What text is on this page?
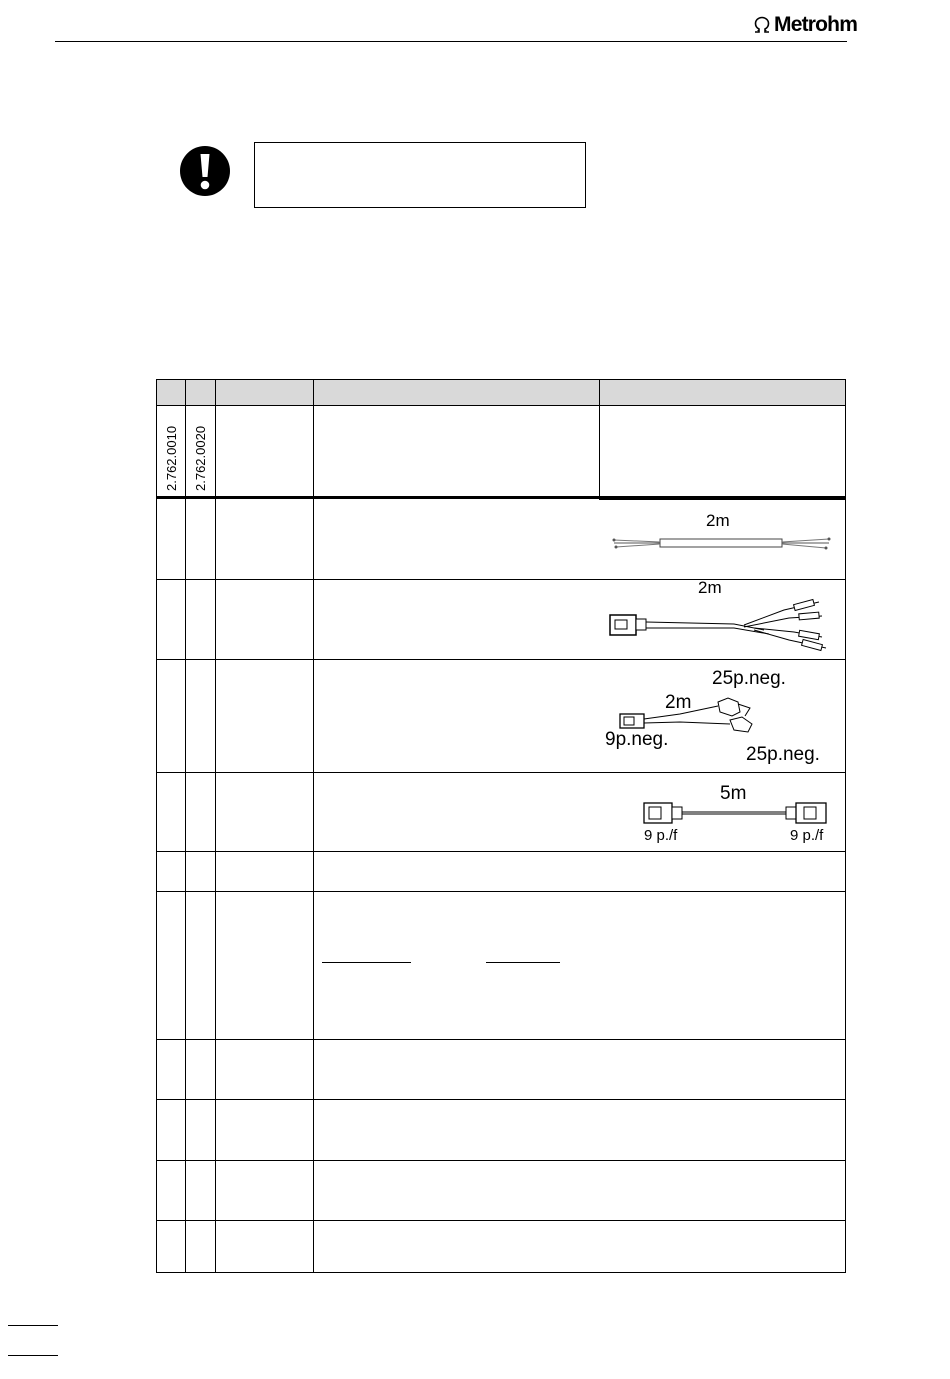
Metrohm
2.762.0010 2.762.0020
2m
2m
25p.neg.
2m
9p.neg.
25p.neg.
5m
9 p./f	9 p./f
